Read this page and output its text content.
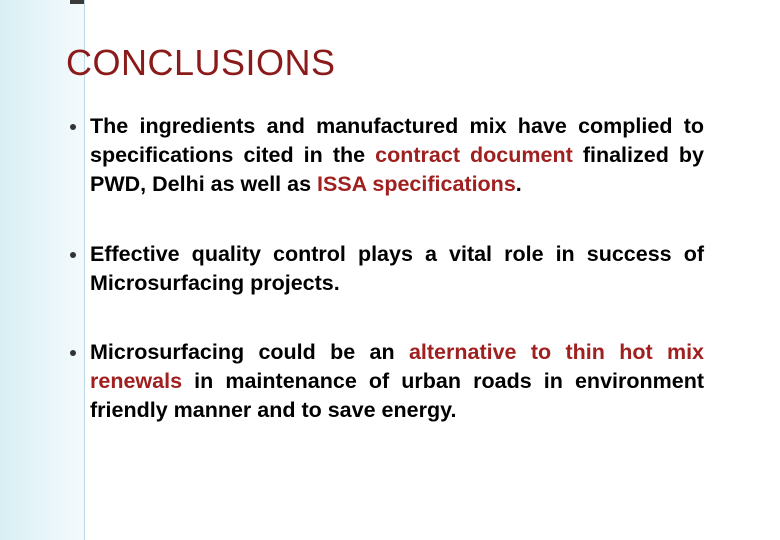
CONCLUSIONS
The ingredients and manufactured mix have complied to specifications cited in the contract document finalized by PWD, Delhi as well as ISSA specifications.
Effective quality control plays a vital role in success of Microsurfacing projects.
Microsurfacing could be an alternative to thin hot mix renewals in maintenance of urban roads in environment friendly manner and to save energy.
